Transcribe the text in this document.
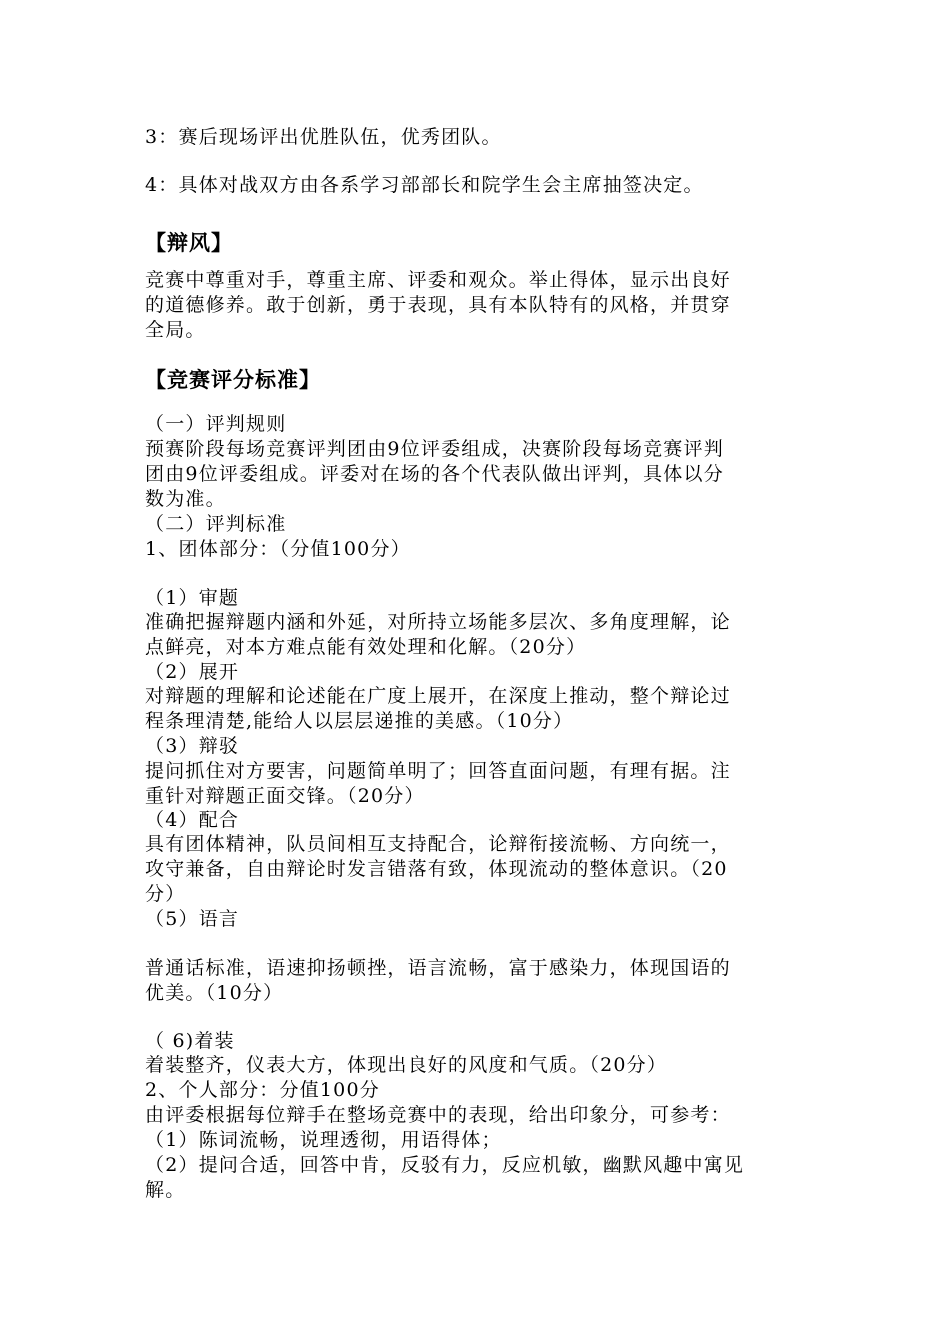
3：赛后现场评出优胜队伍，优秀团队。
4：具体对战双方由各系学习部部长和院学生会主席抽签决定。
【辩风】
竞赛中尊重对手，尊重主席、评委和观众。举止得体，显示出良好
的道德修养。敢于创新，勇于表现，具有本队特有的风格，并贯穿
全局。
【竞赛评分标准】
（一）评判规则
预赛阶段每场竞赛评判团由9位评委组成，决赛阶段每场竞赛评判
团由9位评委组成。评委对在场的各个代表队做出评判，具体以分
数为准。
（二）评判标准
1、团体部分：（分值100分）
（1）审题
准确把握辩题内涵和外延，对所持立场能多层次、多角度理解，论
点鲜亮，对本方难点能有效处理和化解。（20分）
（2）展开
对辩题的理解和论述能在广度上展开，在深度上推动，整个辩论过
程条理清楚,能给人以层层递推的美感。（10分）
（3）辩驳
提问抓住对方要害，问题简单明了；回答直面问题，有理有据。注
重针对辩题正面交锋。（20分）
（4）配合
具有团体精神，队员间相互支持配合，论辩衔接流畅、方向统一，
攻守兼备，自由辩论时发言错落有致，体现流动的整体意识。（20
分）
（5）语言
普通话标准，语速抑扬顿挫，语言流畅，富于感染力，体现国语的
优美。（10分）
（ 6)着装
着装整齐，仪表大方，体现出良好的风度和气质。（20分）
2、个人部分：分值100分
由评委根据每位辩手在整场竞赛中的表现，给出印象分，可参考：
（1）陈词流畅，说理透彻，用语得体；
（2）提问合适，回答中肯，反驳有力，反应机敏，幽默风趣中寓见
解。
